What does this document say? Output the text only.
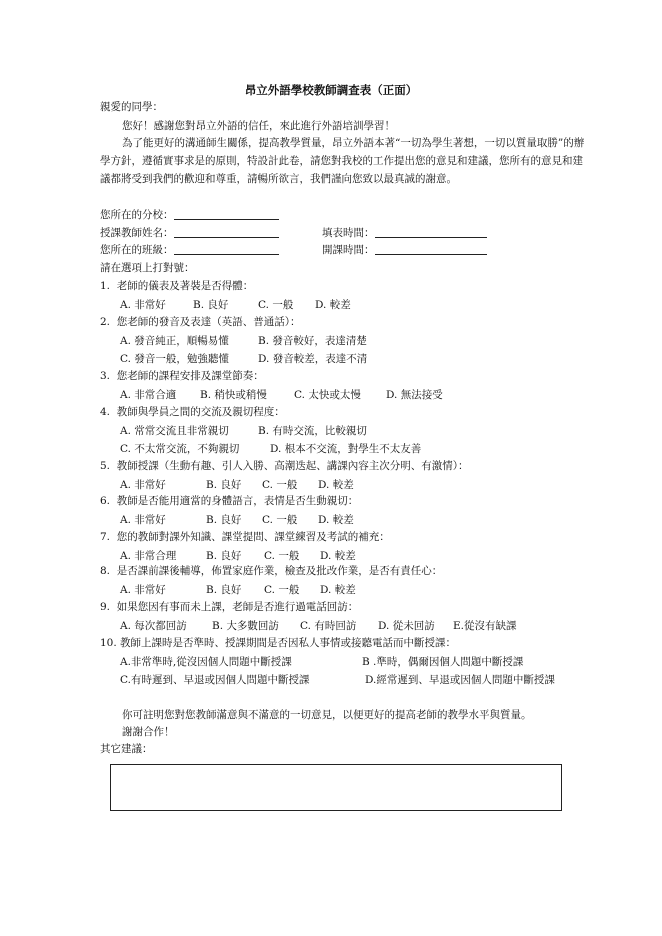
昂立外語學校教師調查表（正面）
親愛的同學：
您好！感謝您對昂立外語的信任，來此進行外語培訓學習！
為了能更好的溝通師生關係，提高教學質量，昂立外語本著“一切為學生著想，一切以質量取勝”的辦學方針，遵循實事求是的原則，特設計此卷，請您對我校的工作提出您的意見和建議，您所有的意見和建議都將受到我們的歡迎和尊重，請暢所欲言，我們謹向您致以最真誠的謝意。
您所在的分校：
授課教師姓名：	填表時間：
您所在的班級：	開課時間：
請在選項上打對號：
1. 老師的儀表及著裝是否得體：
A. 非常好	B. 良好	C. 一般 D. 較差
2. 您老師的發音及表達（英語、普通話）：
A. 發音純正，順暢易懂	B. 發音較好，表達清楚
C. 發音一般，勉強聽懂	D. 發音較差，表達不清
3. 您老師的課程安排及課堂節奏：
A. 非常合適 B. 稍快或稍慢	C. 太快或太慢 D. 無法接受
4. 教師與學員之間的交流及親切程度：
A. 常常交流且非常親切	B. 有時交流，比較親切
C. 不太常交流，不夠親切	D. 根本不交流，對學生不太友善
5. 教師授課（生動有趣、引人入勝、高潮迭起、講課內容主次分明、有激情）：
A. 非常好	B. 良好 C. 一般 D. 較差
6. 教師是否能用適當的身體語言，表情是否生動親切：
A. 非常好	B. 良好 C. 一般 D. 較差
7. 您的教師對課外知識、課堂提問、課堂練習及考試的補充：
A. 非常合理	B. 良好 C. 一般 D. 較差
8. 是否課前課後輔導，佈置家庭作業，檢查及批改作業，是否有責任心：
A. 非常好	B. 良好 C. 一般 D. 較差
9. 如果您因有事而未上課，老師是否進行過電話回訪：
A. 每次都回訪 B. 大多數回訪 C. 有時回訪 D. 從未回訪 E.從沒有缺課
10. 教師上課時是否準時、授課期間是否因私人事情或接聽電話而中斷授課：
A.非常準時,從沒因個人問題中斷授課	B .準時，偶爾因個人問題中斷授課
C.有時遲到、早退或因個人問題中斷授課	D.經常遲到、早退或因個人問題中斷授課
你可註明您對您教師滿意與不滿意的一切意見，以便更好的提高老師的教學水平與質量。
謝謝合作！
其它建議：
